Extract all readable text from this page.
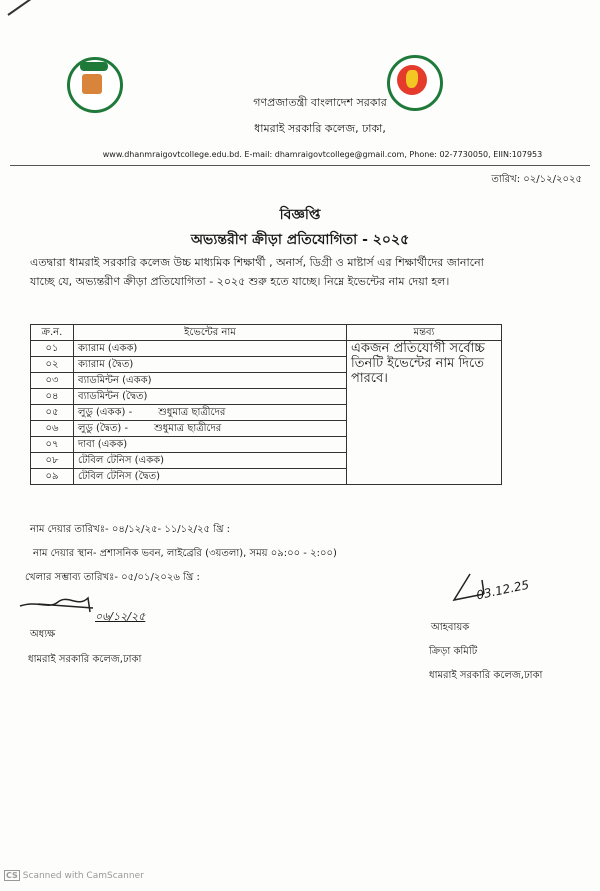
গণপ্রজাতন্ত্রী বাংলাদেশ সরকার
ধামরাই সরকারি কলেজ, ঢাকা,
www.dhanmraigovtcollege.edu.bd. E-mail: dhamraigovtcollege@gmail.com, Phone: 02-7730050, EIIN:107953
তারিখ: ০২/১২/২০২৫
বিজ্ঞপ্তি
অভ্যন্তরীণ ক্রীড়া প্রতিযোগিতা - ২০২৫
এতদ্বারা ধামরাই সরকারি কলেজ উচ্চ মাধ্যমিক শিক্ষার্থী , অনার্স, ডিগ্রী ও মাষ্টার্স এর শিক্ষার্থীদের জানানো
যাচ্ছে যে, অভ্যন্তরীণ ক্রীড়া প্রতিযোগিতা - ২০২৫ শুরু হতে যাচ্ছে। নিম্নে ইভেন্টের নাম দেয়া হল।
ক্র.ন.	ইভেন্টের নাম	মন্তব্য
০১	ক্যারাম (একক)	একজন প্রতিযোগী সর্বোচ্চ তিনটি ইভেন্টের নাম দিতে পারবে।
০২	ক্যারাম (দ্বৈত)	
০৩	ব্যাডমিন্টন (একক)	
০৪	ব্যাডমিন্টন (দ্বৈত)	
০৫	লুডু (একক) - শুধুমাত্র ছাত্রীদের	
০৬	লুডু (দ্বৈত) - শুধুমাত্র ছাত্রীদের	
০৭	দাবা (একক)	
০৮	টেবিল টেনিস (একক)	
০৯	টেবিল টেনিস (দ্বৈত)	
নাম দেয়ার তারিখঃ- ০৪/১২/২৫- ১১/১২/২৫ খ্রি :
নাম দেয়ার স্থান- প্রশাসনিক ভবন, লাইব্রেরি (৩য়তলা), সময় ০৯:০০ - ২:০০)
খেলার সম্ভাব্য তারিখঃ- ০৫/০১/২০২৬ খ্রি :
০৬/১২/২৫
অধ্যক্ষ
ধামরাই সরকারি কলেজ,ঢাকা
03.12.25
আহবায়ক
ক্রিড়া কমিটি
ধামরাই সরকারি কলেজ,ঢাকা
CS Scanned with CamScanner
